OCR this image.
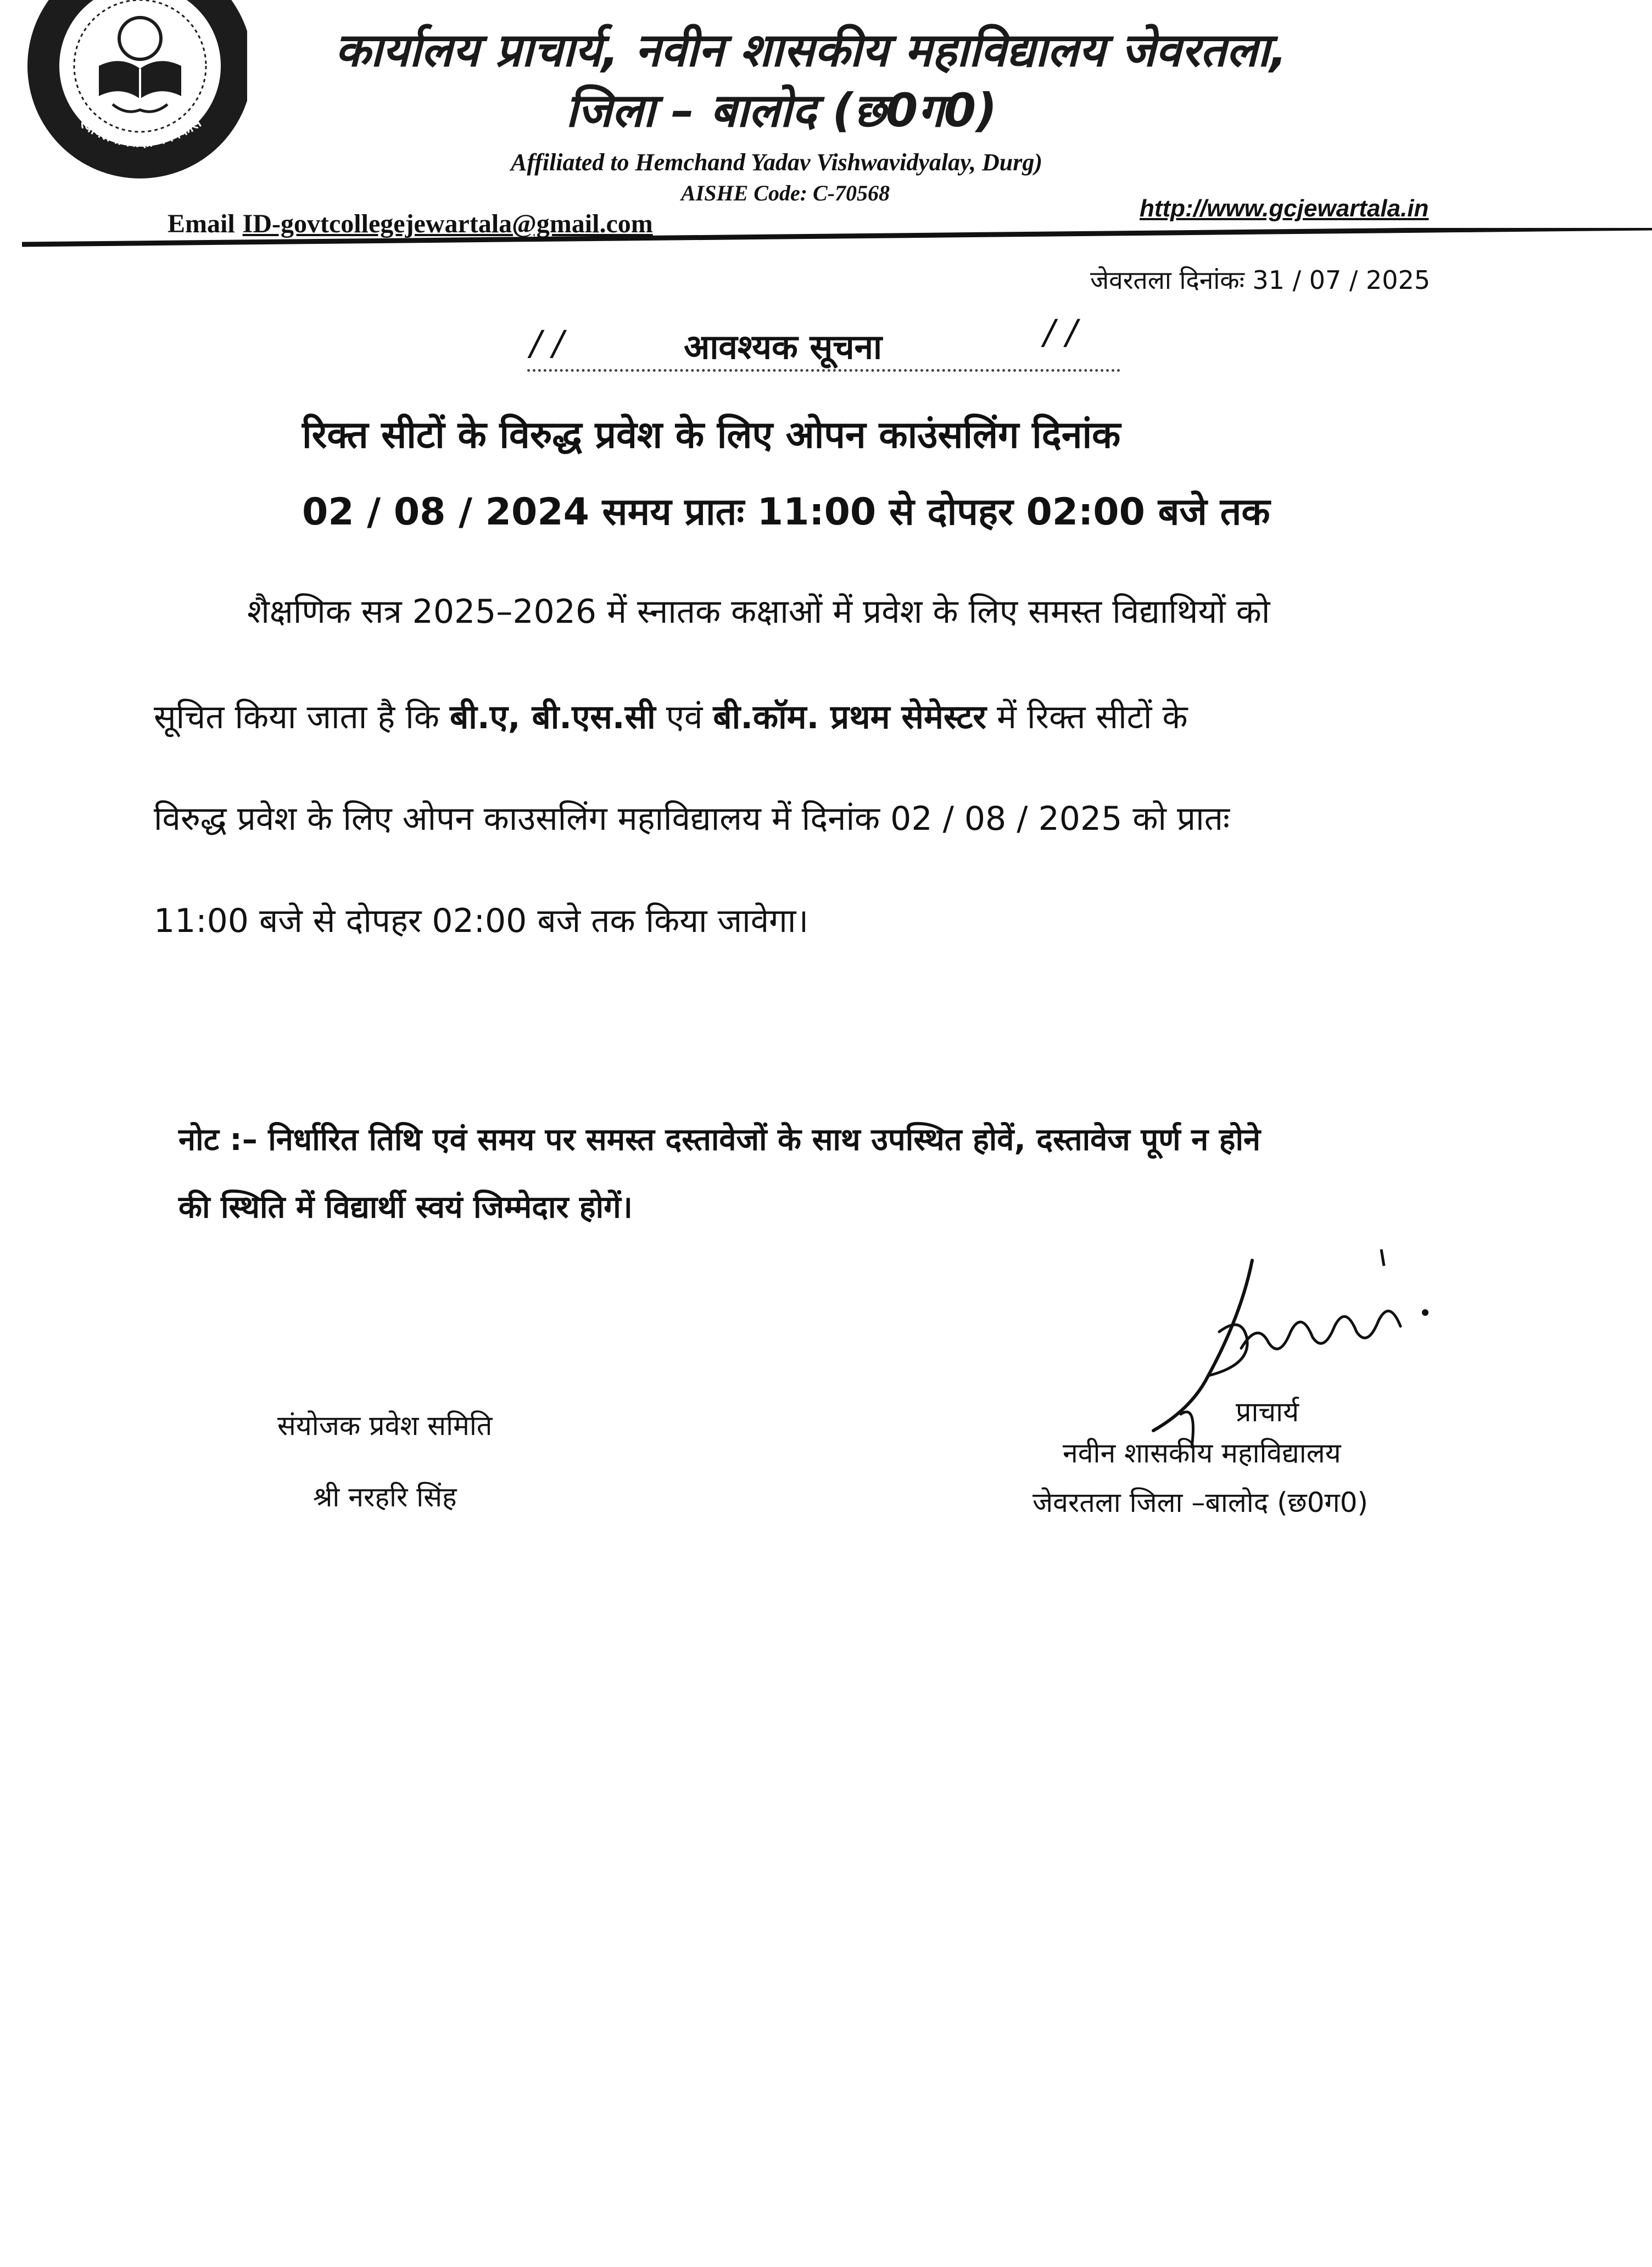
स्वावलंबी शिक्षा व विकास
कार्यालय प्राचार्य, नवीन शासकीय महाविद्यालय जेवरतला,
जिला – बालोद (छ0ग0)
Affiliated to Hemchand Yadav Vishwavidyalay, Durg)
AISHE Code: C-70568
Email ID-govtcollegejewartala@gmail.com
http://www.gcjewartala.in
जेवरतला दिनांकः 31 / 07 / 2025
/ /	आवश्यक सूचना	/ /
रिक्त सीटों के विरुद्ध प्रवेश के लिए ओपन काउंसलिंग दिनांक
02 / 08 / 2024 समय प्रातः 11:00 से दोपहर 02:00 बजे तक
शैक्षणिक सत्र 2025–2026 में स्नातक कक्षाओं में प्रवेश के लिए समस्त विद्याथियों को
सूचित किया जाता है कि बी.ए, बी.एस.सी एवं बी.कॉम. प्रथम सेमेस्टर में रिक्त सीटों के
विरुद्ध प्रवेश के लिए ओपन काउसलिंग महाविद्यालय में दिनांक 02 / 08 / 2025 को प्रातः
11:00 बजे से दोपहर 02:00 बजे तक किया जावेगा।
नोट :– निर्धारित तिथि एवं समय पर समस्त दस्तावेजों के साथ उपस्थित होवें, दस्तावेज पूर्ण न होने
की स्थिति में विद्यार्थी स्वयं जिम्मेदार होगें।
संयोजक प्रवेश समिति
श्री नरहरि सिंह
प्राचार्य
नवीन शासकीय महाविद्यालय
जेवरतला जिला –बालोद (छ0ग0)
